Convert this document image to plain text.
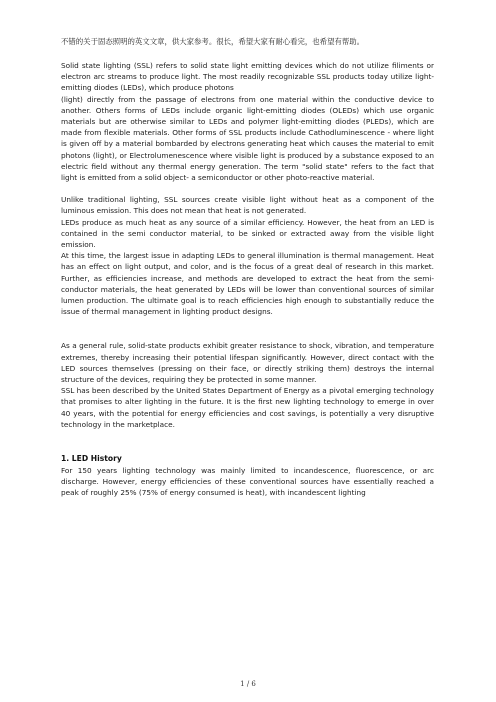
不错的关于固态照明的英文文章，供大家参考。很长，希望大家有耐心看完，也希望有帮助。

Solid state lighting (SSL) refers to solid state light emitting devices which do not utilize filiments or electron arc streams to produce light. The most readily recognizable SSL products today utilize light-emitting diodes (LEDs), which produce photons

(light) directly from the passage of electrons from one material within the conductive device to another. Others forms of LEDs include organic light-emitting diodes (OLEDs) which use organic materials but are otherwise similar to LEDs and polymer light-emitting diodes (PLEDs), which are made from flexible materials. Other forms of SSL products include Cathodluminescence - where light is given off by a material bombarded by electrons generating heat which causes the material to emit photons (light), or Electrolumenescence where visible light is produced by a substance exposed to an electric field without any thermal energy generation. The term "solid state" refers to the fact that light is emitted from a solid object- a semiconductor or other photo-reactive material.

Unlike traditional lighting, SSL sources create visible light without heat as a component of the luminous emission. This does not mean that heat is not generated.

LEDs produce as much heat as any source of a similar efficiency. However, the heat from an LED is contained in the semi conductor material, to be sinked or extracted away from the visible light emission.

At this time, the largest issue in adapting LEDs to general illumination is thermal management. Heat has an effect on light output, and color, and is the focus of a great deal of research in this market. Further, as efficiencies increase, and methods are developed to extract the heat from the semi-conductor materials, the heat generated by LEDs will be lower than conventional sources of similar lumen production. The ultimate goal is to reach efficiencies high enough to substantially reduce the issue of thermal management in lighting product designs.

As a general rule, solid-state products exhibit greater resistance to shock, vibration, and temperature extremes, thereby increasing their potential lifespan significantly. However, direct contact with the LED sources themselves (pressing on their face, or directly striking them) destroys the internal structure of the devices, requiring they be protected in some manner.

SSL has been described by the United States Department of Energy as a pivotal emerging technology that promises to alter lighting in the future. It is the first new lighting technology to emerge in over 40 years, with the potential for energy efficiencies and cost savings, is potentially a very disruptive technology in the marketplace.

1. LED History

For 150 years lighting technology was mainly limited to incandescence, fluorescence, or arc discharge. However, energy efficiencies of these conventional sources have essentially reached a peak of roughly 25% (75% of energy consumed is heat), with incandescent lighting

1 / 6
